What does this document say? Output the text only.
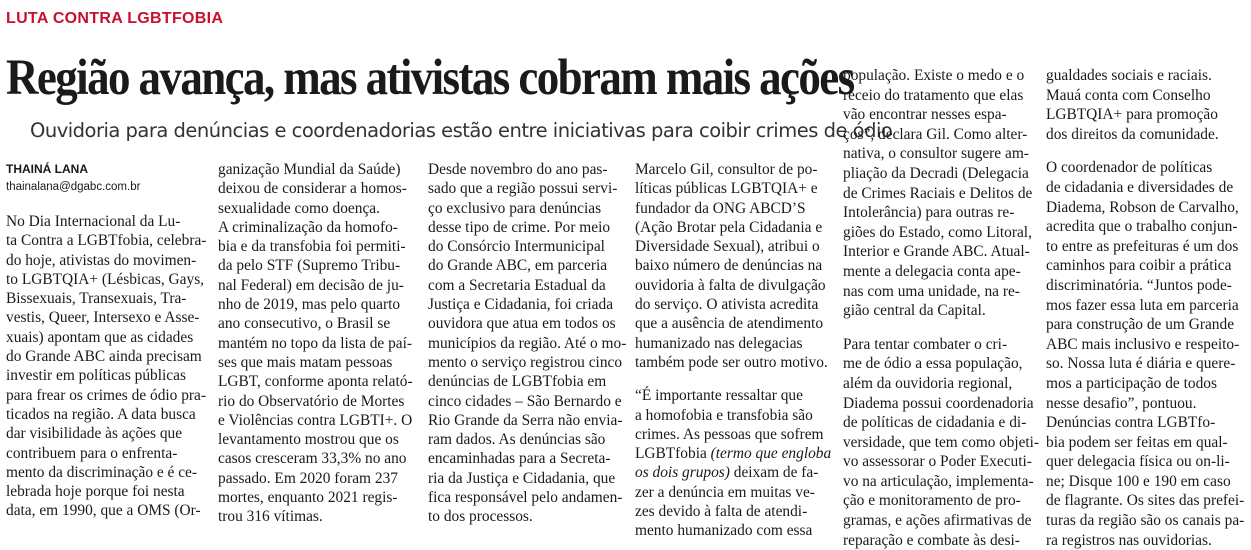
LUTA CONTRA LGBTFOBIA
Região avança, mas ativistas cobram mais ações
Ouvidoria para denúncias e coordenadorias estão entre iniciativas para coibir crimes de ódio
THAINÁ LANA
thainalana@dgabc.com.br

No Dia Internacional da Lu-

ta Contra a LGBTfobia, celebra-

do hoje, ativistas do movimen-

to LGBTQIA+ (Lésbicas, Gays,

Bissexuais, Transexuais, Tra-

vestis, Queer, Intersexo e Asse-

xuais) apontam que as cidades

do Grande ABC ainda precisam

investir em políticas públicas

para frear os crimes de ódio pra-

ticados na região. A data busca

dar visibilidade às ações que

contribuem para o enfrenta-

mento da discriminação e é ce-

lebrada hoje porque foi nesta

data, em 1990, que a OMS (Or-

ganização Mundial da Saúde)

deixou de considerar a homos-

sexualidade como doença.

A criminalização da homofo-

bia e da transfobia foi permiti-

da pelo STF (Supremo Tribu-

nal Federal) em decisão de ju-

nho de 2019, mas pelo quarto

ano consecutivo, o Brasil se

mantém no topo da lista de paí-

ses que mais matam pessoas

LGBT, conforme aponta relató-

rio do Observatório de Mortes

e Violências contra LGBTI+. O

levantamento mostrou que os

casos cresceram 33,3% no ano

passado. Em 2020 foram 237

mortes, enquanto 2021 regis-

trou 316 vítimas.

Desde novembro do ano pas-

sado que a região possui servi-

ço exclusivo para denúncias

desse tipo de crime. Por meio

do Consórcio Intermunicipal

do Grande ABC, em parceria

com a Secretaria Estadual da

Justiça e Cidadania, foi criada

ouvidora que atua em todos os

municípios da região. Até o mo-

mento o serviço registrou cinco

denúncias de LGBTfobia em

cinco cidades – São Bernardo e

Rio Grande da Serra não envia-

ram dados. As denúncias são

encaminhadas para a Secreta-

ria da Justiça e Cidadania, que

fica responsável pelo andamen-

to dos processos.

Marcelo Gil, consultor de po-

líticas públicas LGBTQIA+ e

fundador da ONG ABCD’S

(Ação Brotar pela Cidadania e

Diversidade Sexual), atribui o

baixo número de denúncias na

ouvidoria à falta de divulgação

do serviço. O ativista acredita

que a ausência de atendimento

humanizado nas delegacias

também pode ser outro motivo.

“É importante ressaltar que

a homofobia e transfobia são

crimes. As pessoas que sofrem

LGBTfobia (termo que engloba

os dois grupos) deixam de fa-

zer a denúncia em muitas ve-

zes devido à falta de atendi-

mento humanizado com essa

população. Existe o medo e o

receio do tratamento que elas

vão encontrar nesses espa-

ços”, declara Gil. Como alter-

nativa, o consultor sugere am-

pliação da Decradi (Delegacia

de Crimes Raciais e Delitos de

Intolerância) para outras re-

giões do Estado, como Litoral,

Interior e Grande ABC. Atual-

mente a delegacia conta ape-

nas com uma unidade, na re-

gião central da Capital.

Para tentar combater o cri-

me de ódio a essa população,

além da ouvidoria regional,

Diadema possui coordenadoria

de políticas de cidadania e di-

versidade, que tem como objeti-

vo assessorar o Poder Executi-

vo na articulação, implementa-

ção e monitoramento de pro-

gramas, e ações afirmativas de

reparação e combate às desi-

gualdades sociais e raciais.

Mauá conta com Conselho

LGBTQIA+ para promoção

dos direitos da comunidade.

O coordenador de políticas

de cidadania e diversidades de

Diadema, Robson de Carvalho,

acredita que o trabalho conjun-

to entre as prefeituras é um dos

caminhos para coibir a prática

discriminatória. “Juntos pode-

mos fazer essa luta em parceria

para construção de um Grande

ABC mais inclusivo e respeito-

so. Nossa luta é diária e quere-

mos a participação de todos

nesse desafio”, pontuou.

Denúncias contra LGBTfo-

bia podem ser feitas em qual-

quer delegacia física ou on-li-

ne; Disque 100 e 190 em caso

de flagrante. Os sites das prefei-

turas da região são os canais pa-

ra registros nas ouvidorias.
